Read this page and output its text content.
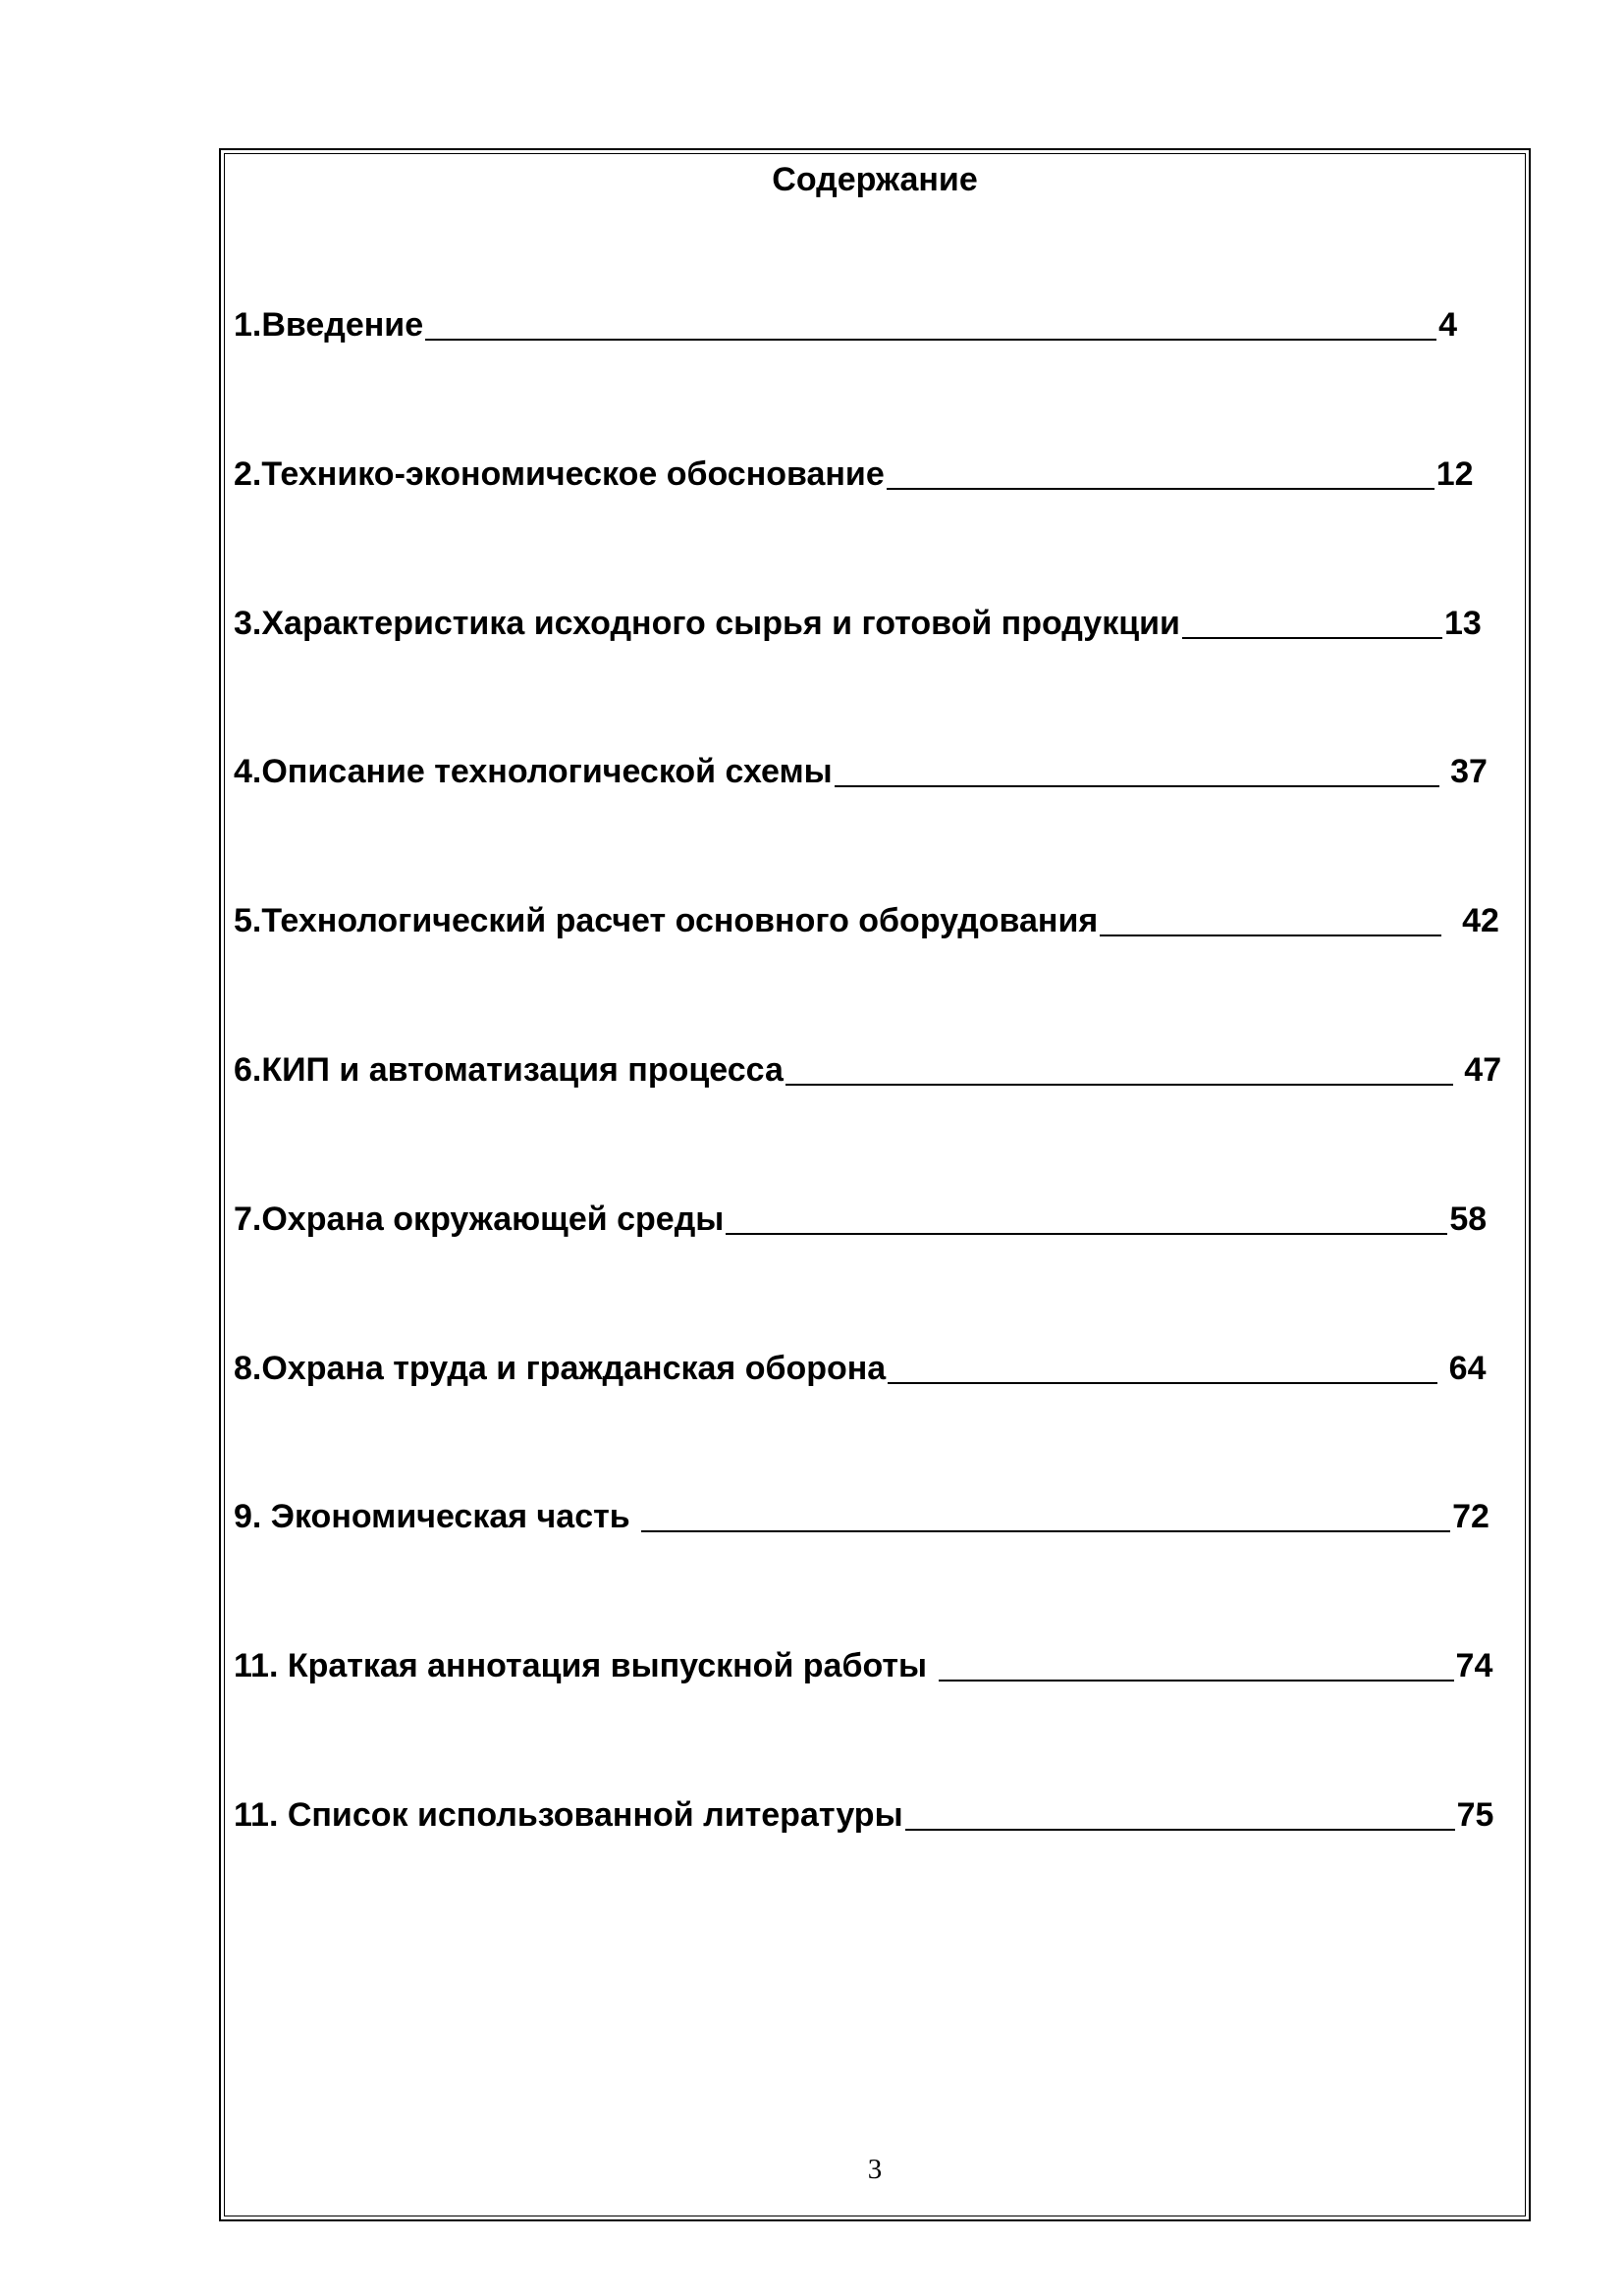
Содержание
1.Введение	4
2.Технико-экономическое обоснование	12
3.Характеристика исходного сырья и готовой продукции	13
4.Описание технологической схемы	37
5.Технологический расчет основного оборудования	42
6.КИП и автоматизация процесса	47
7.Охрана окружающей среды	58
8.Охрана труда и гражданская оборона	64
9. Экономическая часть	72
11. Краткая аннотация выпускной работы	74
11. Список использованной литературы	75
3
